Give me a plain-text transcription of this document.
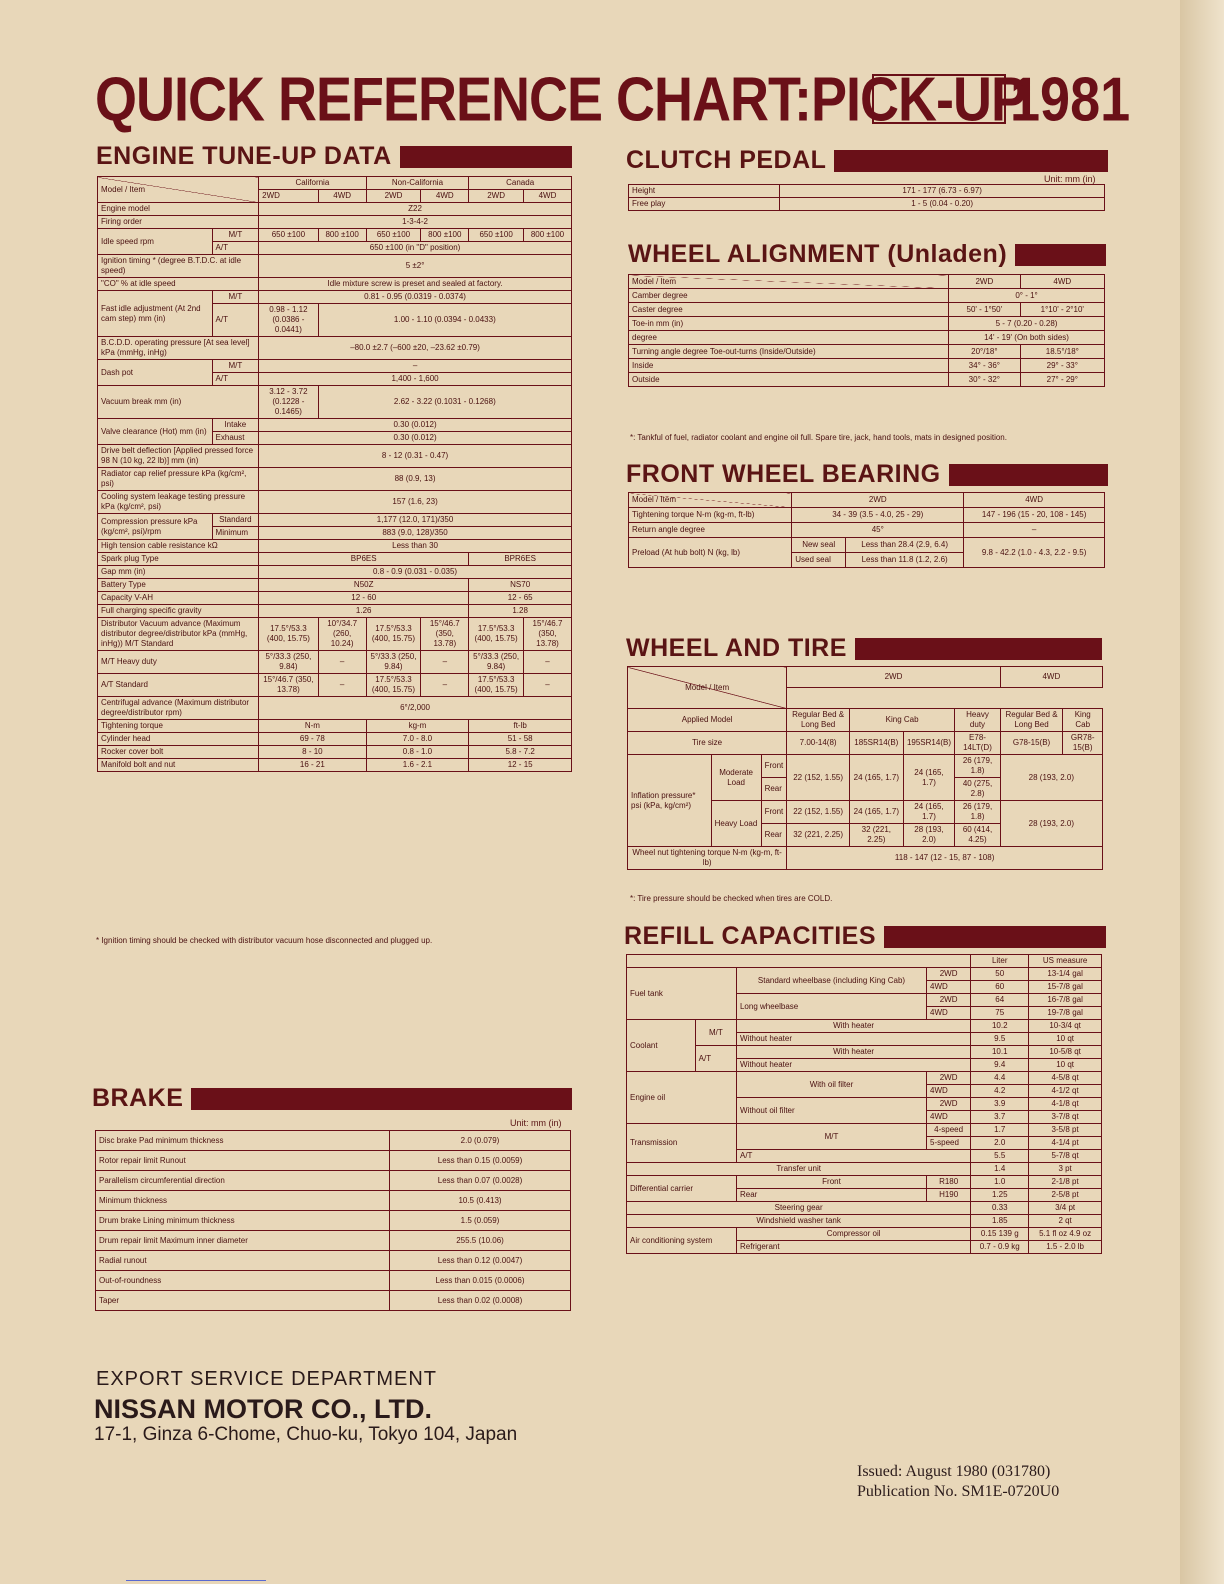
QUICK REFERENCE CHART:PICK-UP
1981
ENGINE TUNE-UP DATA
Model / Item		California		Non-California		Canada	
		2WD	4WD	2WD	4WD	2WD	4WD
Engine model		Z22					
Firing order		1-3-4-2					
Idle speed rpm	M/T	650 ±100	800 ±100	650 ±100	800 ±100	650 ±100	800 ±100
	A/T	650 ±100 (in "D" position)					
Ignition timing * (degree B.T.D.C. at idle speed)		5 ±2°					
"CO" % at idle speed		Idle mixture screw is preset and sealed at factory.					
Fast idle adjustment (At 2nd cam step) mm (in)	M/T	0.81 - 0.95 (0.0319 - 0.0374)					
	A/T	0.98 - 1.12 (0.0386 - 0.0441)	1.00 - 1.10 (0.0394 - 0.0433)				
B.C.D.D. operating pressure [At sea level] kPa (mmHg, inHg)		–80.0 ±2.7 (–600 ±20, –23.62 ±0.79)					
Dash pot	M/T	–					
	A/T	1,400 - 1,600					
Vacuum break mm (in)		3.12 - 3.72 (0.1228 - 0.1465)	2.62 - 3.22 (0.1031 - 0.1268)				
Valve clearance (Hot) mm (in)	Intake	0.30 (0.012)					
	Exhaust	0.30 (0.012)					
Drive belt deflection [Applied pressed force 98 N (10 kg, 22 lb)] mm (in)		8 - 12 (0.31 - 0.47)					
Radiator cap relief pressure kPa (kg/cm², psi)		88 (0.9, 13)					
Cooling system leakage testing pressure kPa (kg/cm², psi)		157 (1.6, 23)					
Compression pressure kPa (kg/cm², psi)/rpm	Standard	1,177 (12.0, 171)/350					
	Minimum	883 (9.0, 128)/350					
High tension cable resistance kΩ		Less than 30					
Spark plug Type		BP6ES				BPR6ES	
Gap mm (in)		0.8 - 0.9 (0.031 - 0.035)					
Battery Type		N50Z				NS70	
Capacity V-AH		12 - 60				12 - 65	
Full charging specific gravity		1.26				1.28	
Distributor Vacuum advance (Maximum distributor degree/distributor kPa (mmHg, inHg)) M/T Standard		17.5°/53.3 (400, 15.75)	10°/34.7 (260, 10.24)	17.5°/53.3 (400, 15.75)	15°/46.7 (350, 13.78)	17.5°/53.3 (400, 15.75)	15°/46.7 (350, 13.78)
M/T Heavy duty		5°/33.3 (250, 9.84)	–	5°/33.3 (250, 9.84)	–	5°/33.3 (250, 9.84)	–
A/T Standard		15°/46.7 (350, 13.78)	–	17.5°/53.3 (400, 15.75)	–	17.5°/53.3 (400, 15.75)	–
Centrifugal advance (Maximum distributor degree/distributor rpm)		6°/2,000					
Tightening torque		N-m		kg-m		ft-lb	
Cylinder head		69 - 78		7.0 - 8.0		51 - 58	
Rocker cover bolt		8 - 10		0.8 - 1.0		5.8 - 7.2	
Manifold bolt and nut		16 - 21		1.6 - 2.1		12 - 15	
* Ignition timing should be checked with distributor vacuum hose disconnected and plugged up.
BRAKE
Unit: mm (in)
Disc brake Pad minimum thickness	2.0 (0.079)
Rotor repair limit Runout	Less than 0.15 (0.0059)
Parallelism circumferential direction	Less than 0.07 (0.0028)
Minimum thickness	10.5 (0.413)
Drum brake Lining minimum thickness	1.5 (0.059)
Drum repair limit Maximum inner diameter	255.5 (10.06)
Radial runout	Less than 0.12 (0.0047)
Out-of-roundness	Less than 0.015 (0.0006)
Taper	Less than 0.02 (0.0008)
CLUTCH PEDAL
Unit: mm (in)
Height	171 - 177 (6.73 - 6.97)
Free play	1 - 5 (0.04 - 0.20)
WHEEL ALIGNMENT (Unladen)
Model / Item	2WD	4WD
Camber degree	0° - 1°	
Caster degree	50' - 1°50'	1°10' - 2°10'
Toe-in mm (in)	5 - 7 (0.20 - 0.28)	
degree	14' - 19' (On both sides)	
Turning angle degree Toe-out-turns (Inside/Outside)	20°/18°	18.5°/18°
Inside	34° - 36°	29° - 33°
Outside	30° - 32°	27° - 29°
*: Tankful of fuel, radiator coolant and engine oil full. Spare tire, jack, hand tools, mats in designed position.
FRONT WHEEL BEARING
Model / Item	2WD		4WD
Tightening torque N-m (kg-m, ft-lb)	34 - 39 (3.5 - 4.0, 25 - 29)		147 - 196 (15 - 20, 108 - 145)
Return angle degree	45°		–
Preload (At hub bolt) N (kg, lb)	New seal	Less than 28.4 (2.9, 6.4)	9.8 - 42.2 (1.0 - 4.3, 2.2 - 9.5)
	Used seal	Less than 11.8 (1.2, 2.6)	
WHEEL AND TIRE
Model / Item			2WD				4WD	

Applied Model			Regular Bed & Long Bed	King Cab		Heavy duty	Regular Bed & Long Bed	King Cab
Tire size			7.00-14(8)	185SR14(B)	195SR14(B)	E78-14LT(D)	G78-15(B)	GR78-15(B)
Inflation pressure* psi (kPa, kg/cm²)	Moderate Load	Front	22 (152, 1.55)	24 (165, 1.7)	24 (165, 1.7)	26 (179, 1.8)	28 (193, 2.0)	
		Rear				40 (275, 2.8)		
	Heavy Load	Front	22 (152, 1.55)	24 (165, 1.7)	24 (165, 1.7)	26 (179, 1.8)	28 (193, 2.0)	
		Rear	32 (221, 2.25)	32 (221, 2.25)	28 (193, 2.0)	60 (414, 4.25)		
Wheel nut tightening torque N-m (kg-m, ft-lb)			118 - 147 (12 - 15, 87 - 108)					
*: Tire pressure should be checked when tires are COLD.
REFILL CAPACITIES
				Liter	US measure
Fuel tank		Standard wheelbase (including King Cab)	2WD	50	13-1/4 gal
			4WD	60	15-7/8 gal
		Long wheelbase	2WD	64	16-7/8 gal
			4WD	75	19-7/8 gal
Coolant	M/T	With heater		10.2	10-3/4 qt
		Without heater		9.5	10 qt
	A/T	With heater		10.1	10-5/8 qt
		Without heater		9.4	10 qt
Engine oil		With oil filter	2WD	4.4	4-5/8 qt
			4WD	4.2	4-1/2 qt
		Without oil filter	2WD	3.9	4-1/8 qt
			4WD	3.7	3-7/8 qt
Transmission		M/T	4-speed	1.7	3-5/8 pt
			5-speed	2.0	4-1/4 pt
		A/T		5.5	5-7/8 qt
Transfer unit				1.4	3 pt
Differential carrier		Front	R180	1.0	2-1/8 pt
		Rear	H190	1.25	2-5/8 pt
Steering gear				0.33	3/4 pt
Windshield washer tank				1.85	2 qt
Air conditioning system		Compressor oil		0.15 139 g	5.1 fl oz 4.9 oz
		Refrigerant		0.7 - 0.9 kg	1.5 - 2.0 lb
EXPORT SERVICE DEPARTMENT
NISSAN MOTOR CO., LTD.
17-1, Ginza 6-Chome, Chuo-ku, Tokyo 104, Japan
Issued: August 1980 (031780)
Publication No. SM1E-0720U0
